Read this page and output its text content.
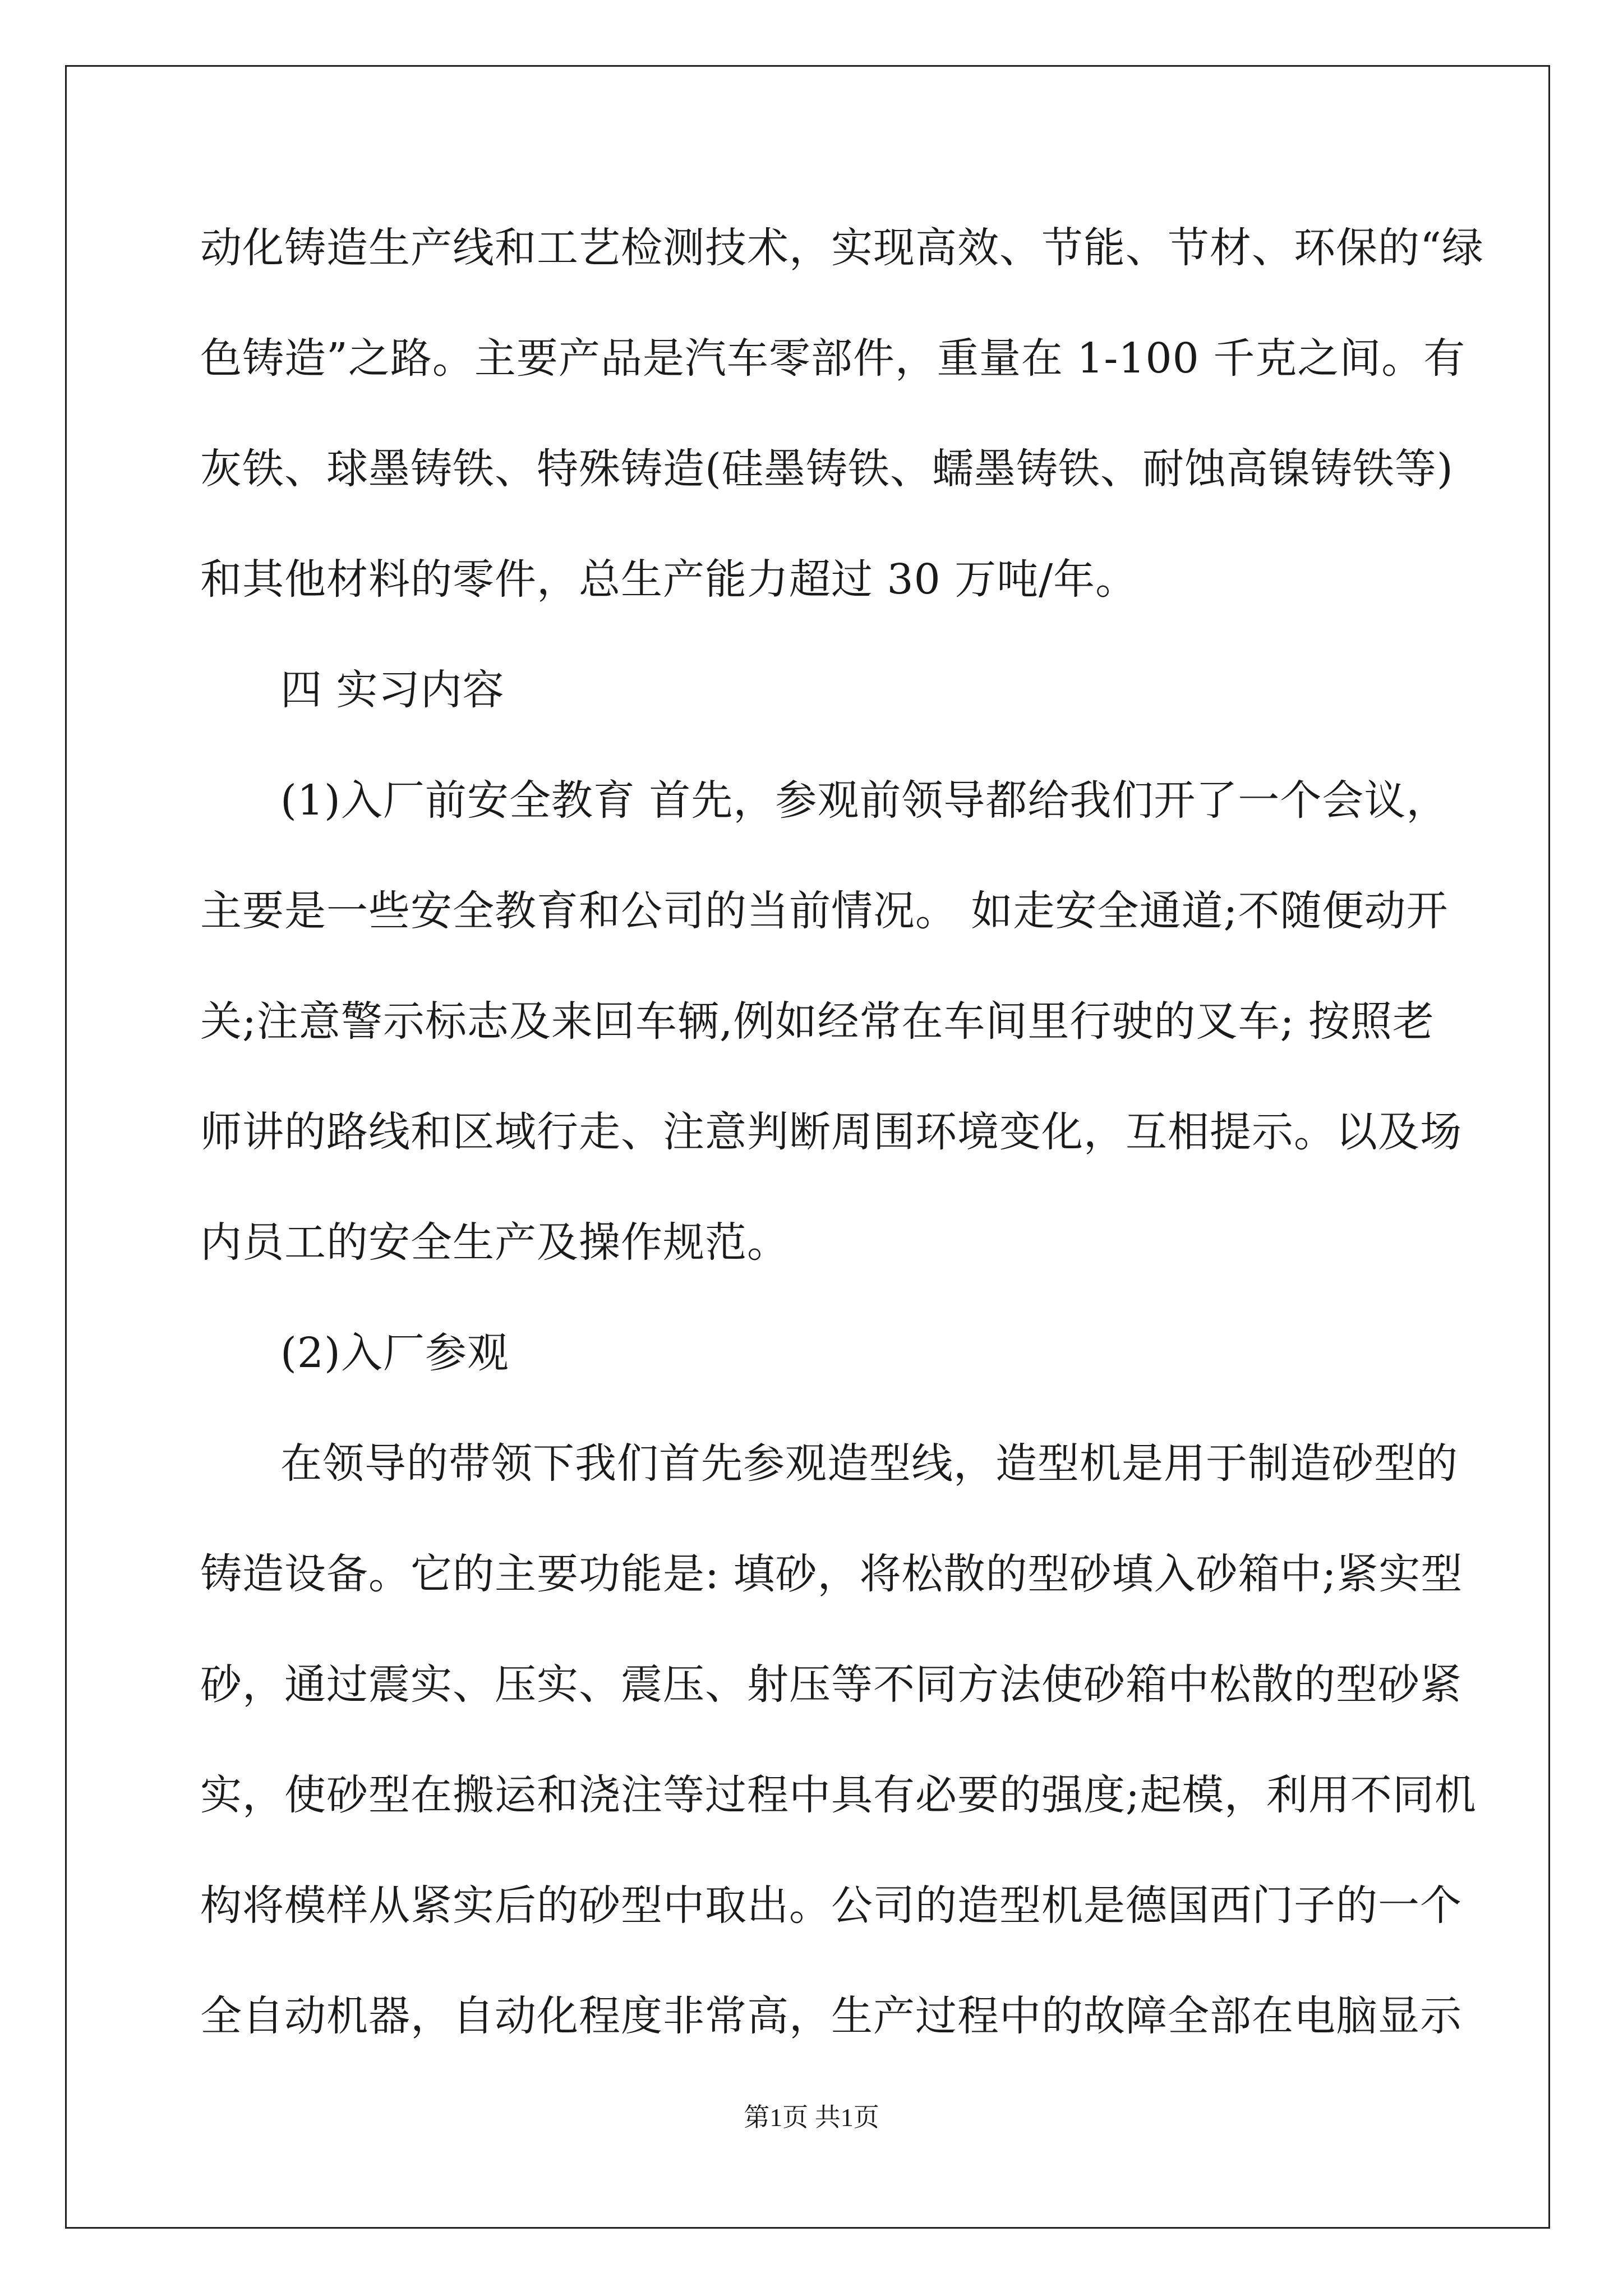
动化铸造生产线和工艺检测技术，实现高效、节能、节材、环保的“绿
色铸造”之路。主要产品是汽车零部件，重量在 1-100 千克之间。有
灰铁、球墨铸铁、特殊铸造(硅墨铸铁、蠕墨铸铁、耐蚀高镍铸铁等)
和其他材料的零件，总生产能力超过 30 万吨/年。
四 实习内容
(1)入厂前安全教育 首先，参观前领导都给我们开了一个会议，
主要是一些安全教育和公司的当前情况。 如走安全通道;不随便动开
关;注意警示标志及来回车辆,例如经常在车间里行驶的叉车; 按照老
师讲的路线和区域行走、注意判断周围环境变化，互相提示。以及场
内员工的安全生产及操作规范。
(2)入厂参观
在领导的带领下我们首先参观造型线，造型机是用于制造砂型的
铸造设备。它的主要功能是: 填砂，将松散的型砂填入砂箱中;紧实型
砂，通过震实、压实、震压、射压等不同方法使砂箱中松散的型砂紧
实，使砂型在搬运和浇注等过程中具有必要的强度;起模，利用不同机
构将模样从紧实后的砂型中取出。公司的造型机是德国西门子的一个
全自动机器，自动化程度非常高，生产过程中的故障全部在电脑显示
第1页 共1页
